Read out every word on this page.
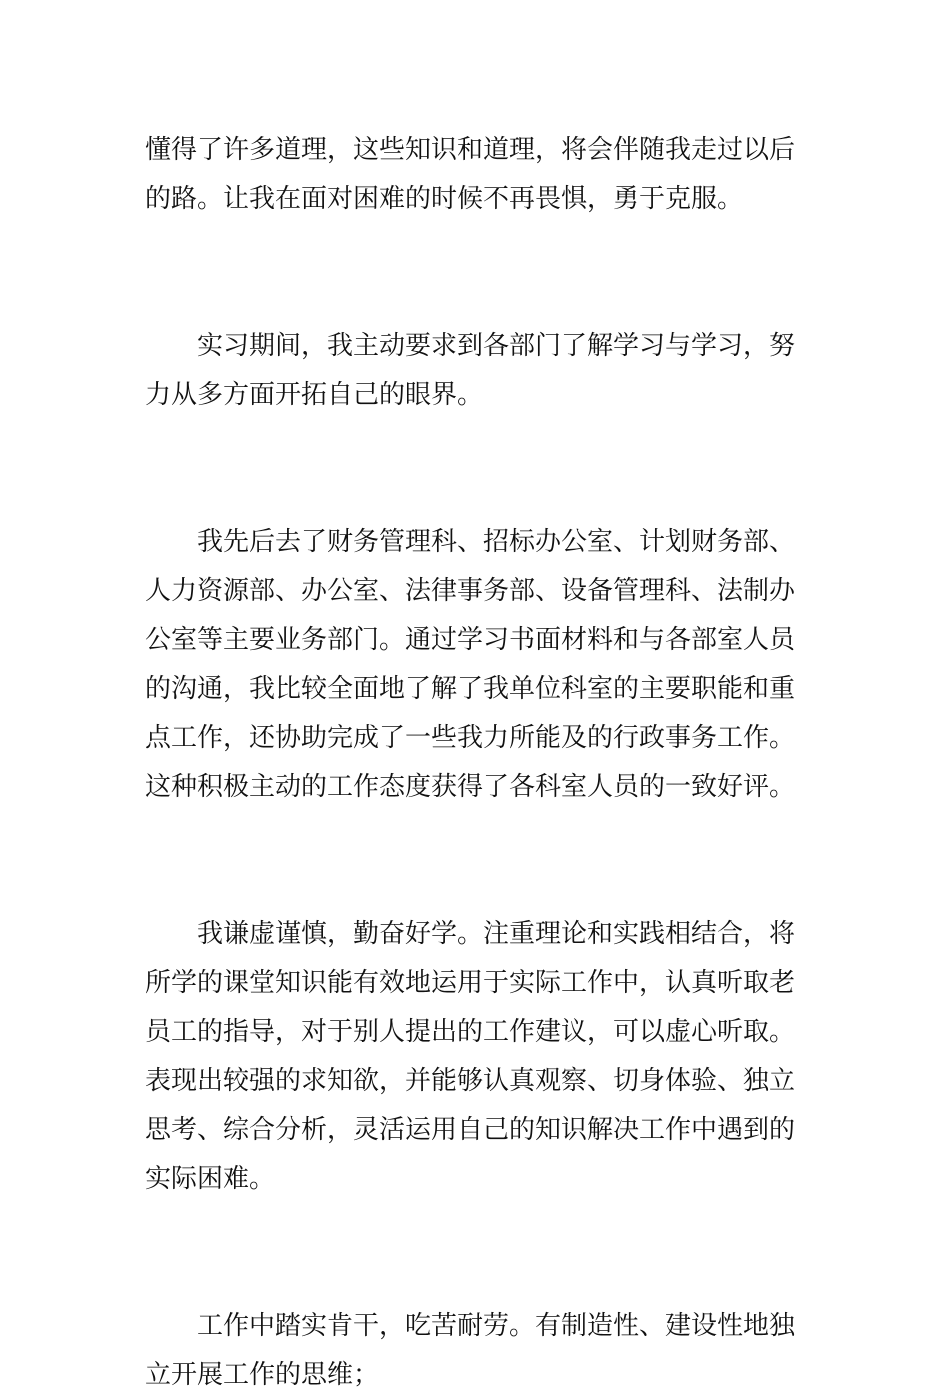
懂得了许多道理，这些知识和道理，将会伴随我走过以后
的路。让我在面对困难的时候不再畏惧，勇于克服。
实习期间，我主动要求到各部门了解学习与学习，努
力从多方面开拓自己的眼界。
我先后去了财务管理科、招标办公室、计划财务部、
人力资源部、办公室、法律事务部、设备管理科、法制办
公室等主要业务部门。通过学习书面材料和与各部室人员
的沟通，我比较全面地了解了我单位科室的主要职能和重
点工作，还协助完成了一些我力所能及的行政事务工作。
这种积极主动的工作态度获得了各科室人员的一致好评。
我谦虚谨慎，勤奋好学。注重理论和实践相结合，将
所学的课堂知识能有效地运用于实际工作中，认真听取老
员工的指导，对于别人提出的工作建议，可以虚心听取。
表现出较强的求知欲，并能够认真观察、切身体验、独立
思考、综合分析，灵活运用自己的知识解决工作中遇到的
实际困难。
工作中踏实肯干，吃苦耐劳。有制造性、建设性地独
立开展工作的思维；
